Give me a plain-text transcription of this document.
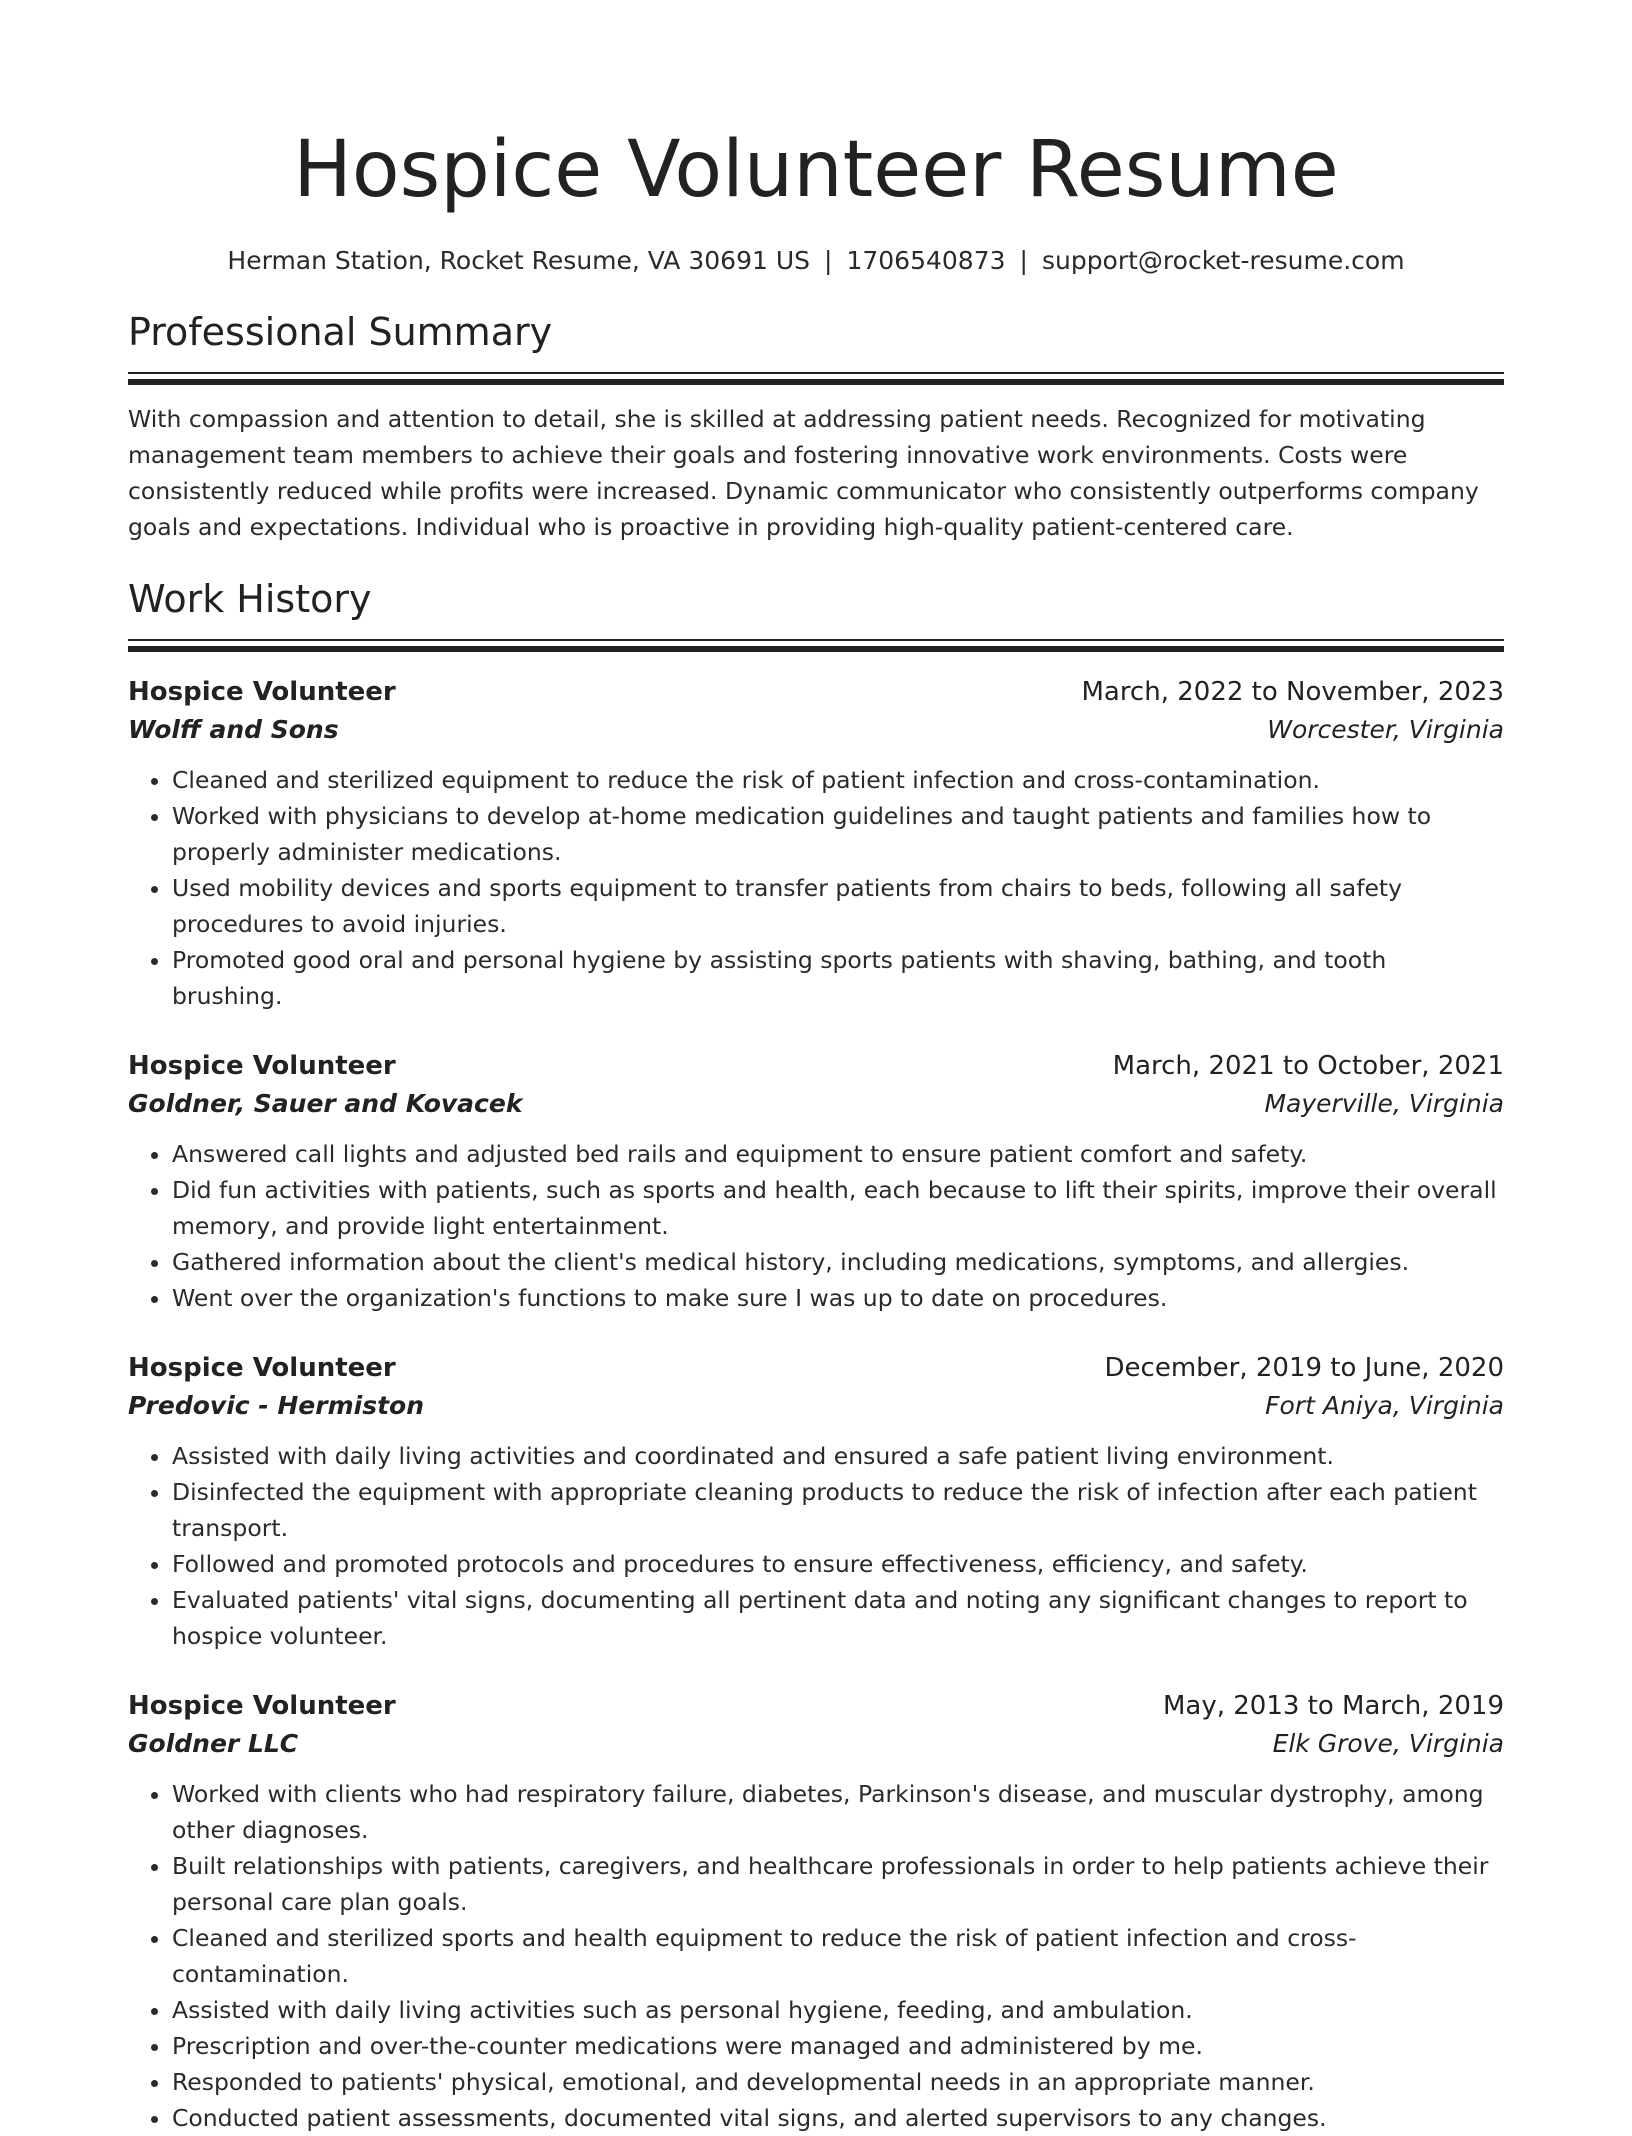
Hospice Volunteer Resume
Herman Station, Rocket Resume, VA 30691 US | 1706540873 | support@rocket-resume.com
Professional Summary
With compassion and attention to detail, she is skilled at addressing patient needs. Recognized for motivating management team members to achieve their goals and fostering innovative work environments. Costs were consistently reduced while profits were increased. Dynamic communicator who consistently outperforms company goals and expectations. Individual who is proactive in providing high-quality patient-centered care.
Work History
Hospice Volunteer	March, 2022 to November, 2023
Wolff and Sons	Worcester, Virginia
• Cleaned and sterilized equipment to reduce the risk of patient infection and cross-contamination.
• Worked with physicians to develop at-home medication guidelines and taught patients and families how to properly administer medications.
• Used mobility devices and sports equipment to transfer patients from chairs to beds, following all safety procedures to avoid injuries.
• Promoted good oral and personal hygiene by assisting sports patients with shaving, bathing, and tooth brushing.
Hospice Volunteer	March, 2021 to October, 2021
Goldner, Sauer and Kovacek	Mayerville, Virginia
• Answered call lights and adjusted bed rails and equipment to ensure patient comfort and safety.
• Did fun activities with patients, such as sports and health, each because to lift their spirits, improve their overall memory, and provide light entertainment.
• Gathered information about the client's medical history, including medications, symptoms, and allergies.
• Went over the organization's functions to make sure I was up to date on procedures.
Hospice Volunteer	December, 2019 to June, 2020
Predovic - Hermiston	Fort Aniya, Virginia
• Assisted with daily living activities and coordinated and ensured a safe patient living environment.
• Disinfected the equipment with appropriate cleaning products to reduce the risk of infection after each patient transport.
• Followed and promoted protocols and procedures to ensure effectiveness, efficiency, and safety.
• Evaluated patients' vital signs, documenting all pertinent data and noting any significant changes to report to hospice volunteer.
Hospice Volunteer	May, 2013 to March, 2019
Goldner LLC	Elk Grove, Virginia
• Worked with clients who had respiratory failure, diabetes, Parkinson's disease, and muscular dystrophy, among other diagnoses.
• Built relationships with patients, caregivers, and healthcare professionals in order to help patients achieve their personal care plan goals.
• Cleaned and sterilized sports and health equipment to reduce the risk of patient infection and cross-contamination.
• Assisted with daily living activities such as personal hygiene, feeding, and ambulation.
• Prescription and over-the-counter medications were managed and administered by me.
• Responded to patients' physical, emotional, and developmental needs in an appropriate manner.
• Conducted patient assessments, documented vital signs, and alerted supervisors to any changes.
